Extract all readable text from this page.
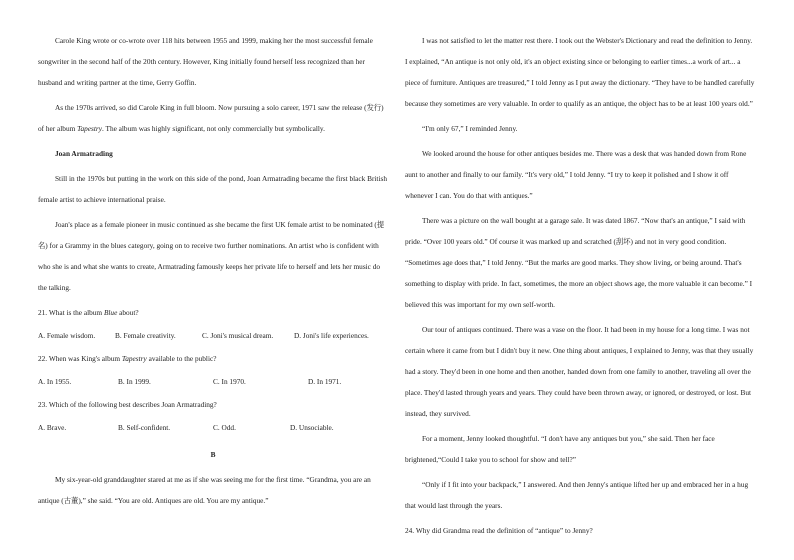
Carole King wrote or co-wrote over 118 hits between 1955 and 1999, making her the most successful female songwriter in the second half of the 20th century. However, King initially found herself less recognized than her husband and writing partner at the time, Gerry Goffin.

As the 1970s arrived, so did Carole King in full bloom. Now pursuing a solo career, 1971 saw the release (发行) of her album Tapestry. The album was highly significant, not only commercially but symbolically.

Joan Armatrading

Still in the 1970s but putting in the work on this side of the pond, Joan Armatrading became the first black British female artist to achieve international praise.

Joan's place as a female pioneer in music continued as she became the first UK female artist to be nominated (提名) for a Grammy in the blues category, going on to receive two further nominations. An artist who is confident with who she is and what she wants to create, Armatrading famously keeps her private life to herself and lets her music do the talking.

21. What is the album Blue about?

A. Female wisdom.	B. Female creativity.	C. Joni's musical dream.	D. Joni's life experiences.

22. When was King's album Tapestry available to the public?

A. In 1955.	B. In 1999.	C. In 1970.	D. In 1971.

23. Which of the following best describes Joan Armatrading?

A. Brave.	B. Self-confident.	C. Odd.	D. Unsociable.

B

My six-year-old granddaughter stared at me as if she was seeing me for the first time. “Grandma, you are an antique (古董),” she said. “You are old. Antiques are old. You are my antique.”

I was not satisfied to let the matter rest there. I took out the Webster's Dictionary and read the definition to Jenny. I explained, “An antique is not only old, it's an object existing since or belonging to earlier times...a work of art... a piece of furniture. Antiques are treasured,” I told Jenny as I put away the dictionary. “They have to be handled carefully because they sometimes are very valuable. In order to qualify as an antique, the object has to be at least 100 years old.”

“I'm only 67,” I reminded Jenny.

We looked around the house for other antiques besides me. There was a desk that was handed down from Rone aunt to another and finally to our family. “It's very old,” I told Jenny. “I try to keep it polished and I show it off whenever I can. You do that with antiques.”

There was a picture on the wall bought at a garage sale. It was dated 1867. “Now that's an antique,” I said with pride. “Over 100 years old.” Of course it was marked up and scratched (刮坏) and not in very good condition. “Sometimes age does that,” I told Jenny. “But the marks are good marks. They show living, or being around. That's something to display with pride. In fact, sometimes, the more an object shows age, the more valuable it can become.” I believed this was important for my own self-worth.

Our tour of antiques continued. There was a vase on the floor. It had been in my house for a long time. I was not certain where it came from but I didn't buy it new. One thing about antiques, I explained to Jenny, was that they usually had a story. They'd been in one home and then another, handed down from one family to another, traveling all over the place. They'd lasted through years and years. They could have been thrown away, or ignored, or destroyed, or lost. But instead, they survived.

For a moment, Jenny looked thoughtful. “I don't have any antiques but you,” she said. Then her face brightened,“Could I take you to school for show and tell?”

“Only if I fit into your backpack,” I answered. And then Jenny's antique lifted her up and embraced her in a hug that would last through the years.

24. Why did Grandma read the definition of “antique” to Jenny?
